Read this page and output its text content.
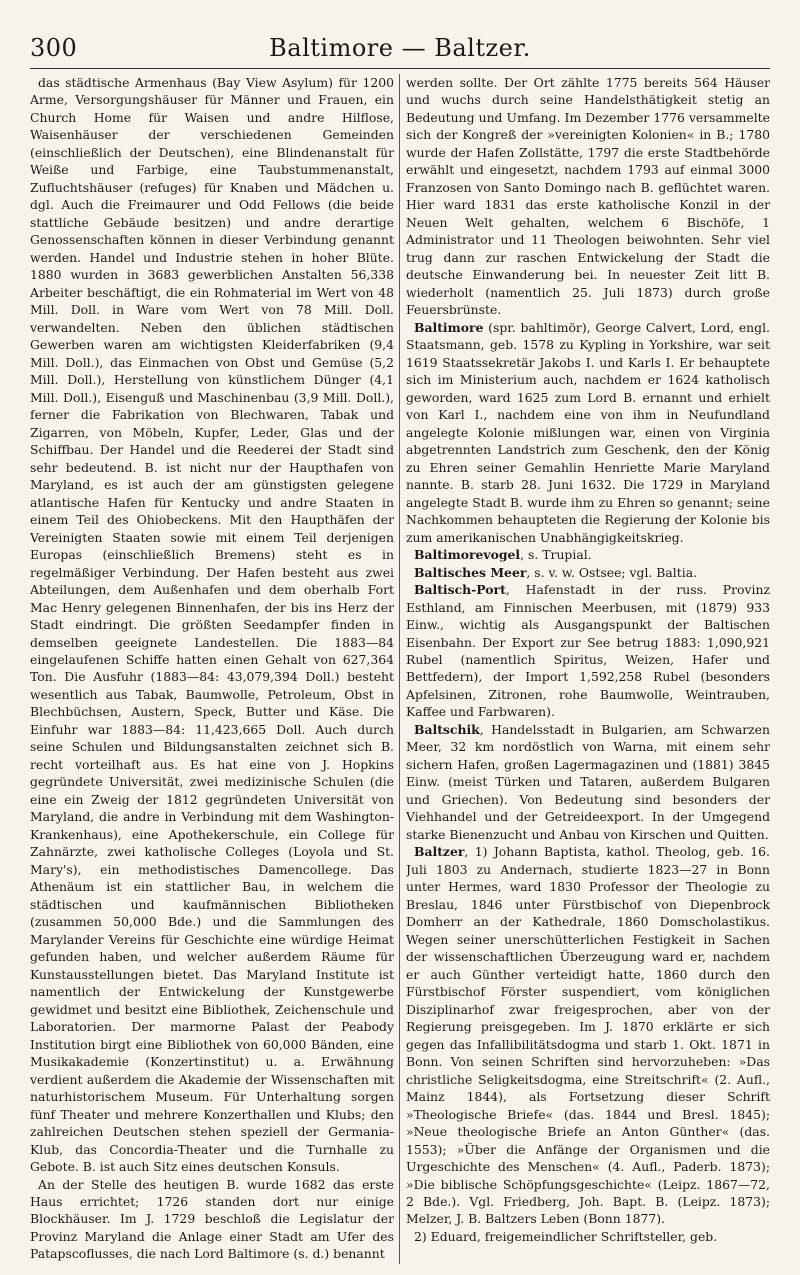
300	Baltimore — Baltzer.

das städtische Armenhaus (Bay View Asylum) für 1200 Arme, Versorgungshäuser für Männer und Frauen, ein Church Home für Waisen und andre Hilflose, Waisenhäuser der verschiedenen Gemeinden (einschließlich der Deutschen), eine Blindenanstalt für Weiße und Farbige, eine Taubstummenanstalt, Zufluchtshäuser (refuges) für Knaben und Mädchen u. dgl. Auch die Freimaurer und Odd Fellows (die beide stattliche Gebäude besitzen) und andre derartige Genossenschaften können in dieser Verbindung genannt werden. Handel und Industrie stehen in hoher Blüte. 1880 wurden in 3683 gewerblichen Anstalten 56,338 Arbeiter beschäftigt, die ein Rohmaterial im Wert von 48 Mill. Doll. in Ware vom Wert von 78 Mill. Doll. verwandelten. Neben den üblichen städtischen Gewerben waren am wichtigsten Kleiderfabriken (9,4 Mill. Doll.), das Einmachen von Obst und Gemüse (5,2 Mill. Doll.), Herstellung von künstlichem Dünger (4,1 Mill. Doll.), Eisenguß und Maschinenbau (3,9 Mill. Doll.), ferner die Fabrikation von Blechwaren, Tabak und Zigarren, von Möbeln, Kupfer, Leder, Glas und der Schiffbau. Der Handel und die Reederei der Stadt sind sehr bedeutend. B. ist nicht nur der Haupthafen von Maryland, es ist auch der am günstigsten gelegene atlantische Hafen für Kentucky und andre Staaten in einem Teil des Ohiobeckens. Mit den Haupthäfen der Vereinigten Staaten sowie mit einem Teil derjenigen Europas (einschließlich Bremens) steht es in regelmäßiger Verbindung. Der Hafen besteht aus zwei Abteilungen, dem Außenhafen und dem oberhalb Fort Mac Henry gelegenen Binnenhafen, der bis ins Herz der Stadt eindringt. Die größten Seedampfer finden in demselben geeignete Landestellen. Die 1883—84 eingelaufenen Schiffe hatten einen Gehalt von 627,364 Ton. Die Ausfuhr (1883—84: 43,079,394 Doll.) besteht wesentlich aus Tabak, Baumwolle, Petroleum, Obst in Blechbüchsen, Austern, Speck, Butter und Käse. Die Einfuhr war 1883—84: 11,423,665 Doll. Auch durch seine Schulen und Bildungsanstalten zeichnet sich B. recht vorteilhaft aus. Es hat eine von J. Hopkins gegründete Universität, zwei medizinische Schulen (die eine ein Zweig der 1812 gegründeten Universität von Maryland, die andre in Verbindung mit dem Washington-Krankenhaus), eine Apothekerschule, ein College für Zahnärzte, zwei katholische Colleges (Loyola und St. Mary's), ein methodistisches Damencollege. Das Athenäum ist ein stattlicher Bau, in welchem die städtischen und kaufmännischen Bibliotheken (zusammen 50,000 Bde.) und die Sammlungen des Marylander Vereins für Geschichte eine würdige Heimat gefunden haben, und welcher außerdem Räume für Kunstausstellungen bietet. Das Maryland Institute ist namentlich der Entwickelung der Kunstgewerbe gewidmet und besitzt eine Bibliothek, Zeichenschule und Laboratorien. Der marmorne Palast der Peabody Institution birgt eine Bibliothek von 60,000 Bänden, eine Musikakademie (Konzertinstitut) u. a. Erwähnung verdient außerdem die Akademie der Wissenschaften mit naturhistorischem Museum. Für Unterhaltung sorgen fünf Theater und mehrere Konzerthallen und Klubs; den zahlreichen Deutschen stehen speziell der Germania-Klub, das Concordia-Theater und die Turnhalle zu Gebote. B. ist auch Sitz eines deutschen Konsuls.

An der Stelle des heutigen B. wurde 1682 das erste Haus errichtet; 1726 standen dort nur einige Blockhäuser. Im J. 1729 beschloß die Legislatur der Provinz Maryland die Anlage einer Stadt am Ufer des Patapscoflusses, die nach Lord Baltimore (s. d.) benannt

werden sollte. Der Ort zählte 1775 bereits 564 Häuser und wuchs durch seine Handelsthätigkeit stetig an Bedeutung und Umfang. Im Dezember 1776 versammelte sich der Kongreß der »vereinigten Kolonien« in B.; 1780 wurde der Hafen Zollstätte, 1797 die erste Stadtbehörde erwählt und eingesetzt, nachdem 1793 auf einmal 3000 Franzosen von Santo Domingo nach B. geflüchtet waren. Hier ward 1831 das erste katholische Konzil in der Neuen Welt gehalten, welchem 6 Bischöfe, 1 Administrator und 11 Theologen beiwohnten. Sehr viel trug dann zur raschen Entwickelung der Stadt die deutsche Einwanderung bei. In neuester Zeit litt B. wiederholt (namentlich 25. Juli 1873) durch große Feuersbrünste.

Baltimore (spr. bahltimör), George Calvert, Lord, engl. Staatsmann, geb. 1578 zu Kypling in Yorkshire, war seit 1619 Staatssekretär Jakobs I. und Karls I. Er behauptete sich im Ministerium auch, nachdem er 1624 katholisch geworden, ward 1625 zum Lord B. ernannt und erhielt von Karl I., nachdem eine von ihm in Neufundland angelegte Kolonie mißlungen war, einen von Virginia abgetrennten Landstrich zum Geschenk, den der König zu Ehren seiner Gemahlin Henriette Marie Maryland nannte. B. starb 28. Juni 1632. Die 1729 in Maryland angelegte Stadt B. wurde ihm zu Ehren so genannt; seine Nachkommen behaupteten die Regierung der Kolonie bis zum amerikanischen Unabhängigkeitskrieg.

Baltimorevogel, s. Trupial.

Baltisches Meer, s. v. w. Ostsee; vgl. Baltia.

Baltisch-Port, Hafenstadt in der russ. Provinz Esthland, am Finnischen Meerbusen, mit (1879) 933 Einw., wichtig als Ausgangspunkt der Baltischen Eisenbahn. Der Export zur See betrug 1883: 1,090,921 Rubel (namentlich Spiritus, Weizen, Hafer und Bettfedern), der Import 1,592,258 Rubel (besonders Apfelsinen, Zitronen, rohe Baumwolle, Weintrauben, Kaffee und Farbwaren).

Baltschik, Handelsstadt in Bulgarien, am Schwarzen Meer, 32 km nordöstlich von Warna, mit einem sehr sichern Hafen, großen Lagermagazinen und (1881) 3845 Einw. (meist Türken und Tataren, außerdem Bulgaren und Griechen). Von Bedeutung sind besonders der Viehhandel und der Getreideexport. In der Umgegend starke Bienenzucht und Anbau von Kirschen und Quitten.

Baltzer, 1) Johann Baptista, kathol. Theolog, geb. 16. Juli 1803 zu Andernach, studierte 1823—27 in Bonn unter Hermes, ward 1830 Professor der Theologie zu Breslau, 1846 unter Fürstbischof von Diepenbrock Domherr an der Kathedrale, 1860 Domscholastikus. Wegen seiner unerschütterlichen Festigkeit in Sachen der wissenschaftlichen Überzeugung ward er, nachdem er auch Günther verteidigt hatte, 1860 durch den Fürstbischof Förster suspendiert, vom königlichen Disziplinarhof zwar freigesprochen, aber von der Regierung preisgegeben. Im J. 1870 erklärte er sich gegen das Infallibilitätsdogma und starb 1. Okt. 1871 in Bonn. Von seinen Schriften sind hervorzuheben: »Das christliche Seligkeitsdogma, eine Streitschrift« (2. Aufl., Mainz 1844), als Fortsetzung dieser Schrift »Theologische Briefe« (das. 1844 und Bresl. 1845); »Neue theologische Briefe an Anton Günther« (das. 1553); »Über die Anfänge der Organismen und die Urgeschichte des Menschen« (4. Aufl., Paderb. 1873); »Die biblische Schöpfungsgeschichte« (Leipz. 1867—72, 2 Bde.). Vgl. Friedberg, Joh. Bapt. B. (Leipz. 1873); Melzer, J. B. Baltzers Leben (Bonn 1877).

2) Eduard, freigemeindlicher Schriftsteller, geb.
